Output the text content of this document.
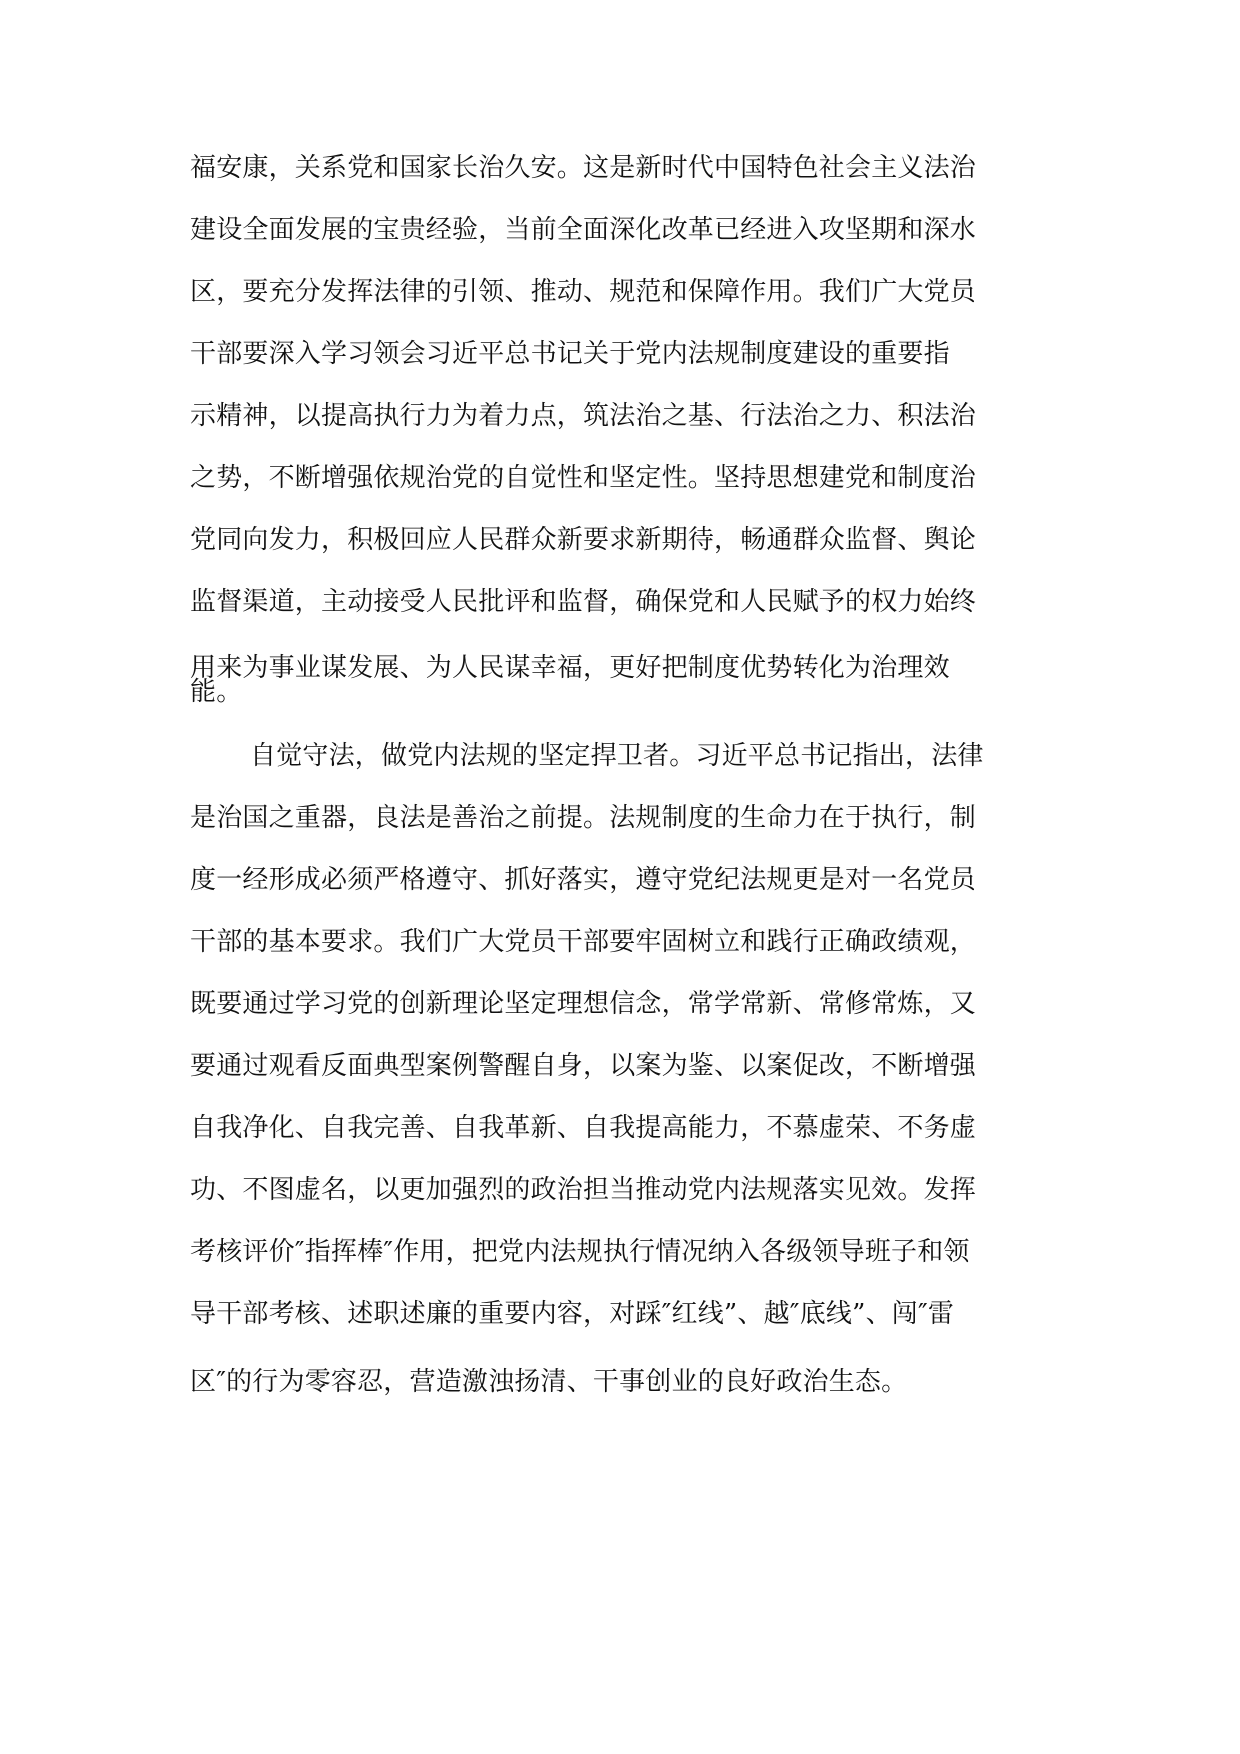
福安康，关系党和国家长治久安。这是新时代中国特色社会主义法治

建设全面发展的宝贵经验，当前全面深化改革已经进入攻坚期和深水

区，要充分发挥法律的引领、推动、规范和保障作用。我们广大党员

干部要深入学习领会习近平总书记关于党内法规制度建设的重要指

示精神，以提高执行力为着力点，筑法治之基、行法治之力、积法治

之势，不断增强依规治党的自觉性和坚定性。坚持思想建党和制度治

党同向发力，积极回应人民群众新要求新期待，畅通群众监督、舆论

监督渠道，主动接受人民批评和监督，确保党和人民赋予的权力始终

用来为事业谋发展、为人民谋幸福，更好把制度优势转化为治理效

能。

自觉守法，做党内法规的坚定捍卫者。习近平总书记指出，法律

是治国之重器，良法是善治之前提。法规制度的生命力在于执行，制

度一经形成必须严格遵守、抓好落实，遵守党纪法规更是对一名党员

干部的基本要求。我们广大党员干部要牢固树立和践行正确政绩观，

既要通过学习党的创新理论坚定理想信念，常学常新、常修常炼，又

要通过观看反面典型案例警醒自身，以案为鉴、以案促改，不断增强

自我净化、自我完善、自我革新、自我提高能力，不慕虚荣、不务虚

功、不图虚名，以更加强烈的政治担当推动党内法规落实见效。发挥

考核评价″指挥棒″作用，把党内法规执行情况纳入各级领导班子和领

导干部考核、述职述廉的重要内容，对踩″红线”、越″底线”、闯″雷

区″的行为零容忍，营造激浊扬清、干事创业的良好政治生态。
